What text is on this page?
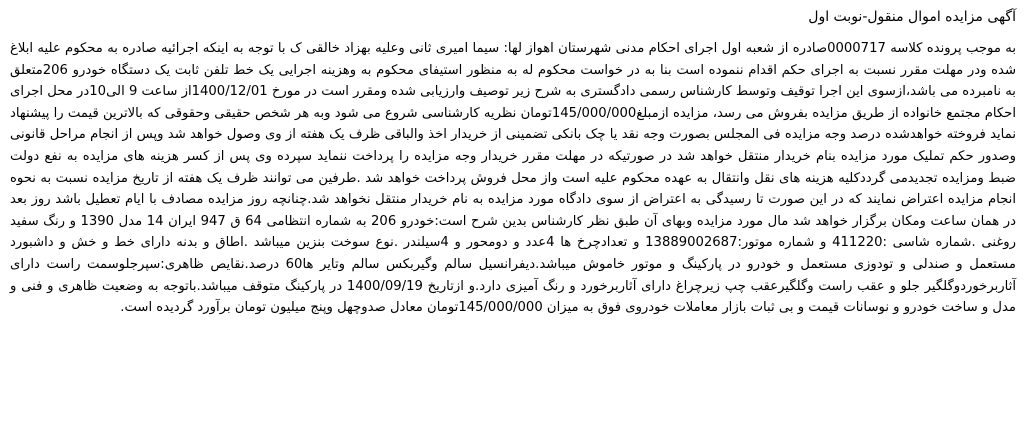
آگهی مزایده اموال منقول-نوبت اول

به موجب پرونده کلاسه 0000717صادره از شعبه اول اجرای احکام مدنی شهرستان اهواز لها: سیما امیری ثانی وعلیه بهزاد خالقی ک با توجه به اینکه اجرائیه صادره به محکوم علیه ابلاغ شده ودر مهلت مقرر نسبت به اجرای حکم اقدام ننموده است بنا به در خواست محکوم له به منظور استیفای محکوم به وهزینه اجرایی یک خط تلفن ثابت یک دستگاه خودرو 206متعلق به نامبرده می باشد،ازسوی این اجرا توقیف وتوسط کارشناس رسمی دادگستری به شرح زیر توصیف وارزیابی شده ومقرر است در مورخ 1400/12/01از ساعت 9 الی10در محل اجرای احکام مجتمع خانواده از طریق مزایده بفروش می رسد، مزایده ازمبلغ145/000/000تومان نظریه کارشناسی شروع می شود وبه هر شخص حقیقی وحقوقی که بالاترین قیمت را پیشنهاد نماید فروخته خواهدشده درصد وجه مزایده فی المجلس بصورت وجه نقد یا چک بانکی تضمینی از خریدار اخذ والباقی ظرف یک هفته از وی وصول خواهد شد وپس از انجام مراحل قانونی وصدور حکم تملیک مورد مزایده بنام خریدار منتقل خواهد شد در صورتیکه در مهلت مقرر خریدار وجه مزایده را پرداخت ننماید سپرده وی پس از کسر هزینه های مزایده به نفع دولت ضبط ومزایده تجدیدمی گرددکلیه هزینه های نقل وانتقال به عهده محکوم علیه است واز محل فروش پرداخت خواهد شد .طرفین می توانند ظرف یک هفته از تاریخ مزایده نسبت به نحوه انجام مزایده اعتراض نمایند که در این صورت تا رسیدگی به اعتراض از سوی دادگاه مورد مزایده به نام خریدار منتقل نخواهد شد.چنانچه روز مزایده مصادف با ایام تعطیل باشد روز بعد در همان ساعت ومکان برگزار خواهد شد مال مورد مزایده وبهای آن طبق نظر کارشناس بدین شرح است:خودرو 206 به شماره انتظامی 64 ق 947 ایران 14 مدل 1390 و رنگ سفید روغنی .شماره شاسی :411220 و شماره موتور:13889002687 و تعدادچرخ ها 4عدد و دومحور و 4سیلندر .نوع سوخت بنزین میباشد .اطاق و بدنه دارای خط و خش و داشبورد مستعمل و صندلی و تودوزی مستعمل و خودرو در پارکینگ و موتور خاموش میباشد.دیفرانسیل سالم وگیربکس سالم وتایر ها60 درصد.نقایص ظاهری:سپرجلوسمت راست دارای آثاربرخوردوگلگیر جلو و عقب راست وگلگیرعقب چپ زیرچراغ دارای آثاربرخورد و رنگ آمیزی دارد.و ازتاریخ 1400/09/19 در پارکینگ متوقف میباشد.باتوجه به وضعیت ظاهری و فنی و مدل و ساخت خودرو و نوسانات قیمت و بی ثبات بازار معاملات خودروی فوق به میزان 145/000/000تومان معادل صدوچهل وپنج میلیون تومان برآورد گردیده است.
